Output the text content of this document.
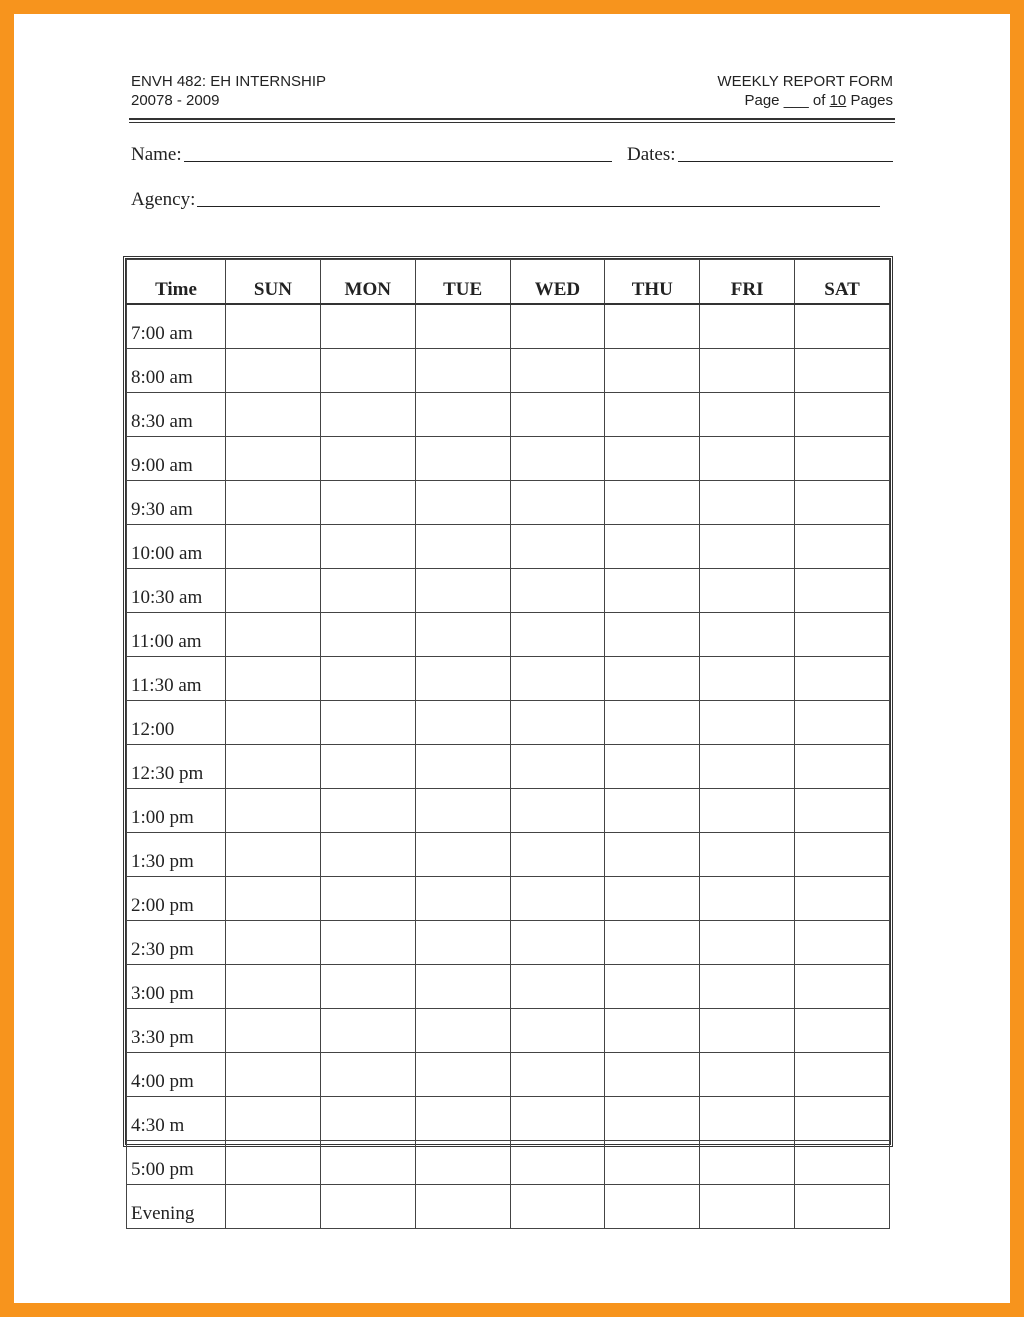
ENVH 482: EH INTERNSHIP
20078 - 2009
WEEKLY REPORT FORM
Page ___ of 10 Pages
Name:	Dates:
Agency:
Time	SUN	MON	TUE	WED	THU	FRI	SAT
7:00 am							
8:00 am							
8:30 am							
9:00 am							
9:30 am							
10:00 am							
10:30 am							
11:00 am							
11:30 am							
12:00							
12:30 pm							
1:00 pm							
1:30 pm							
2:00 pm							
2:30 pm							
3:00 pm							
3:30 pm							
4:00 pm							
4:30 m							
5:00 pm							
Evening							
